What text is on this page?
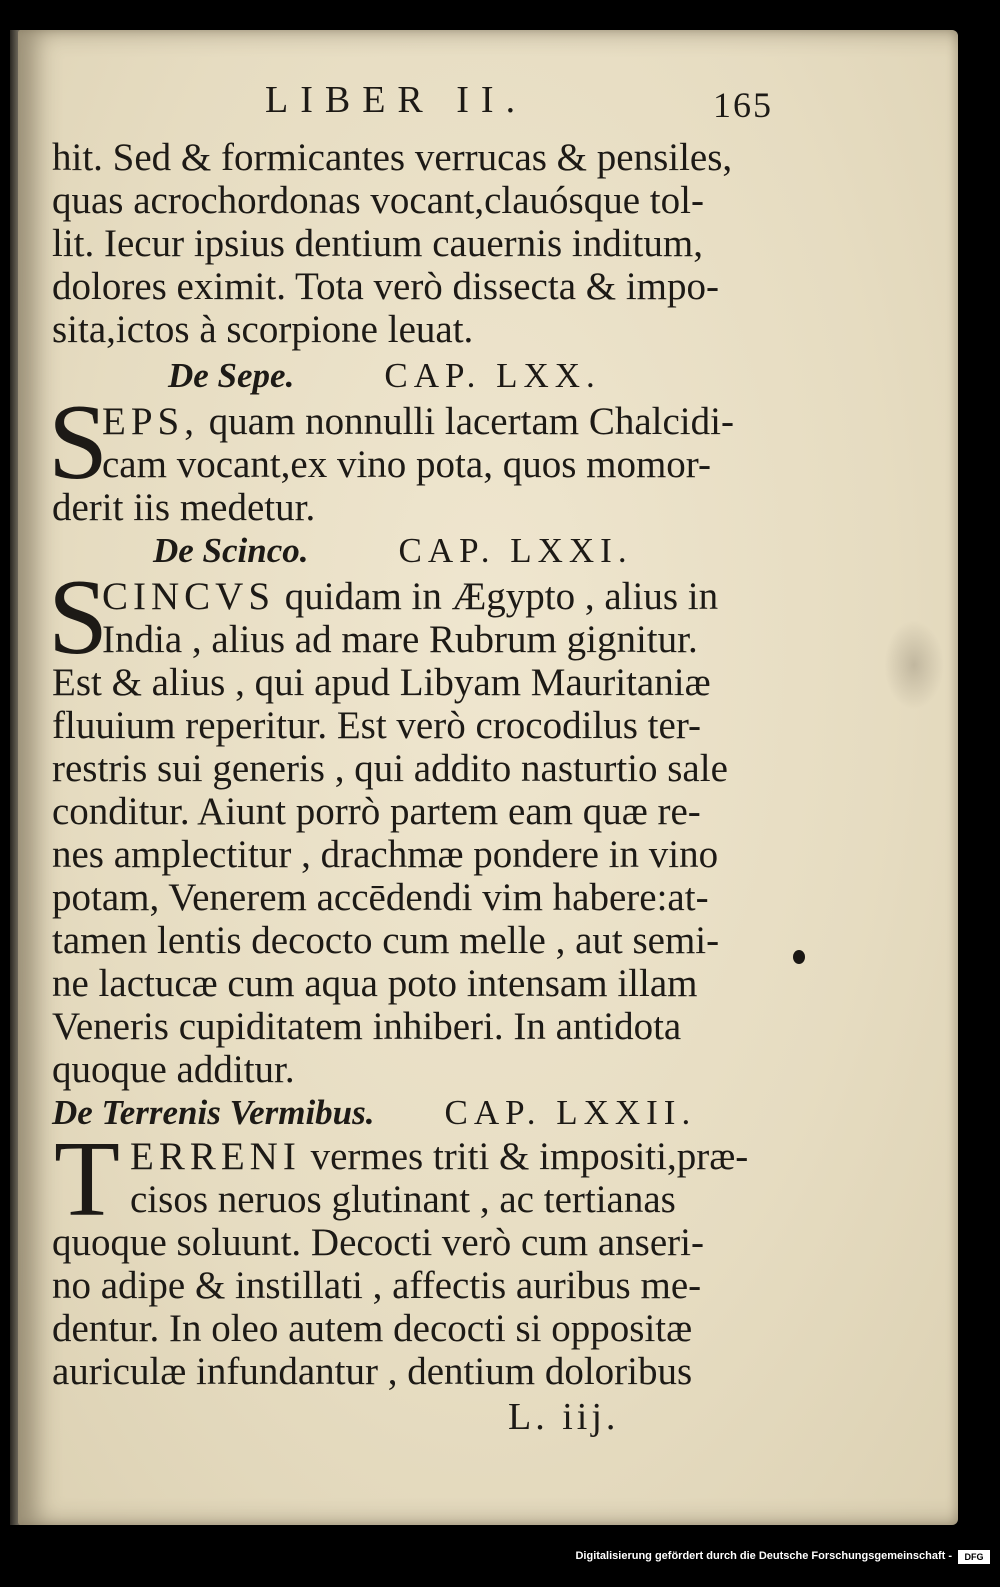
LIBER II.	165
hit. Sed & formicantes verrucas & pensiles,
quas acrochordonas vocant,clauósque tol-
lit. Iecur ipsius dentium cauernis inditum,
dolores eximit. Tota verò dissecta & impo-
sita,ictos à scorpione leuat.
De Sepe.	CAP. LXX.
S
EPS, quam nonnulli lacertam Chalcidi-
cam vocant,ex vino pota, quos momor-
derit iis medetur.
De Scinco.	CAP. LXXI.
S
CINCVS quidam in Ægypto , alius in
India , alius ad mare Rubrum gignitur.
Est & alius , qui apud Libyam Mauritaniæ
fluuium reperitur. Est verò crocodilus ter-
restris sui generis , qui addito nasturtio sale
conditur. Aiunt porrò partem eam quæ re-
nes amplectitur , drachmæ pondere in vino
potam, Venerem accēdendi vim habere:at-
tamen lentis decocto cum melle , aut semi-
ne lactucæ cum aqua poto intensam illam
Veneris cupiditatem inhiberi. In antidota
quoque additur.
De Terrenis Vermibus. CAP. LXXII.
T ERRENI vermes triti & impositi,præ-
cisos neruos glutinant , ac tertianas
quoque soluunt. Decocti verò cum anseri-
no adipe & instillati , affectis auribus me-
dentur. In oleo autem decocti si oppositæ
auriculæ infundantur , dentium doloribus
L. iij.
Digitalisierung gefördert durch die Deutsche Forschungsgemeinschaft -	DFG
